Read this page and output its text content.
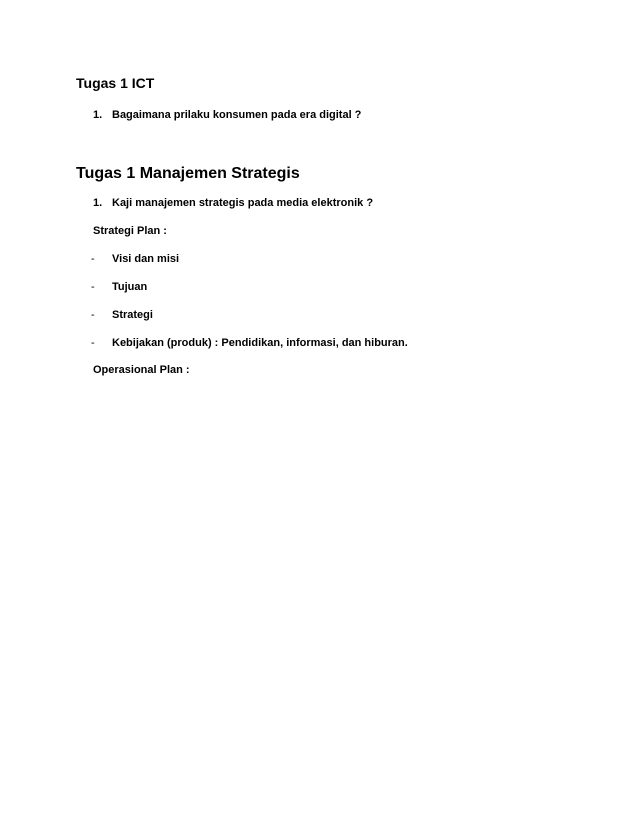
Tugas 1 ICT
1. Bagaimana prilaku konsumen pada era digital ?
Tugas 1 Manajemen Strategis
1. Kaji manajemen strategis pada media elektronik ?
Strategi Plan :
- Visi dan misi
- Tujuan
- Strategi
- Kebijakan (produk) : Pendidikan, informasi, dan hiburan.
Operasional Plan :
